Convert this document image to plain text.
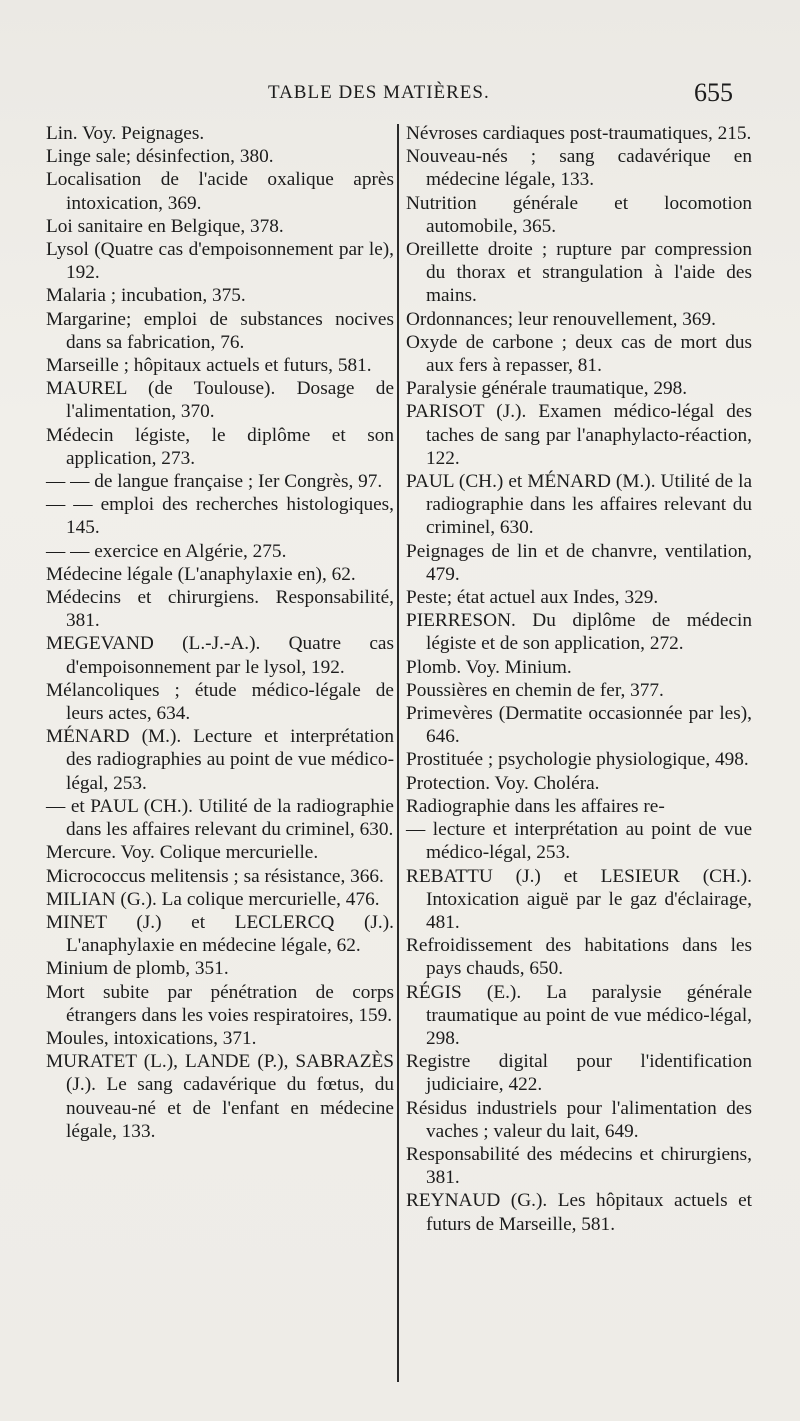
TABLE DES MATIÈRES.	655

Lin. Voy. Peignages.

Linge sale; désinfection, 380.

Localisation de l'acide oxalique après intoxication, 369.

Loi sanitaire en Belgique, 378.

Lysol (Quatre cas d'empoisonnement par le), 192.

Malaria ; incubation, 375.

Margarine; emploi de substances nocives dans sa fabrication, 76.

Marseille ; hôpitaux actuels et futurs, 581.

MAUREL (de Toulouse). Dosage de l'alimentation, 370.

Médecin légiste, le diplôme et son application, 273.

— — de langue française ; Ier Congrès, 97.

— — emploi des recherches histologiques, 145.

— — exercice en Algérie, 275.

Médecine légale (L'anaphylaxie en), 62.

Médecins et chirurgiens. Responsabilité, 381.

MEGEVAND (L.-J.-A.). Quatre cas d'empoisonnement par le lysol, 192.

Mélancoliques ; étude médico-légale de leurs actes, 634.

MÉNARD (M.). Lecture et interprétation des radiographies au point de vue médico-légal, 253.

— et PAUL (CH.). Utilité de la radiographie dans les affaires relevant du criminel, 630.

Mercure. Voy. Colique mercurielle.

Micrococcus melitensis ; sa résistance, 366.

MILIAN (G.). La colique mercurielle, 476.

MINET (J.) et LECLERCQ (J.). L'anaphylaxie en médecine légale, 62.

Minium de plomb, 351.

Mort subite par pénétration de corps étrangers dans les voies respiratoires, 159.

Moules, intoxications, 371.

MURATET (L.), LANDE (P.), SABRAZÈS (J.). Le sang cadavérique du fœtus, du nouveau-né et de l'enfant en médecine légale, 133.

Névroses cardiaques post-traumatiques, 215.

Nouveau-nés ; sang cadavérique en médecine légale, 133.

Nutrition générale et locomotion automobile, 365.

Oreillette droite ; rupture par compression du thorax et strangulation à l'aide des mains.

Ordonnances; leur renouvellement, 369.

Oxyde de carbone ; deux cas de mort dus aux fers à repasser, 81.

Paralysie générale traumatique, 298.

PARISOT (J.). Examen médico-légal des taches de sang par l'anaphylacto-réaction, 122.

PAUL (CH.) et MÉNARD (M.). Utilité de la radiographie dans les affaires relevant du criminel, 630.

Peignages de lin et de chanvre, ventilation, 479.

Peste; état actuel aux Indes, 329.

PIERRESON. Du diplôme de médecin légiste et de son application, 272.

Plomb. Voy. Minium.

Poussières en chemin de fer, 377.

Primevères (Dermatite occasionnée par les), 646.

Prostituée ; psychologie physiologique, 498.

Protection. Voy. Choléra.

Radiographie dans les affaires re-

— lecture et interprétation au point de vue médico-légal, 253.

REBATTU (J.) et LESIEUR (CH.). Intoxication aiguë par le gaz d'éclairage, 481.

Refroidissement des habitations dans les pays chauds, 650.

RÉGIS (E.). La paralysie générale traumatique au point de vue médico-légal, 298.

Registre digital pour l'identification judiciaire, 422.

Résidus industriels pour l'alimentation des vaches ; valeur du lait, 649.

Responsabilité des médecins et chirurgiens, 381.

REYNAUD (G.). Les hôpitaux actuels et futurs de Marseille, 581.
